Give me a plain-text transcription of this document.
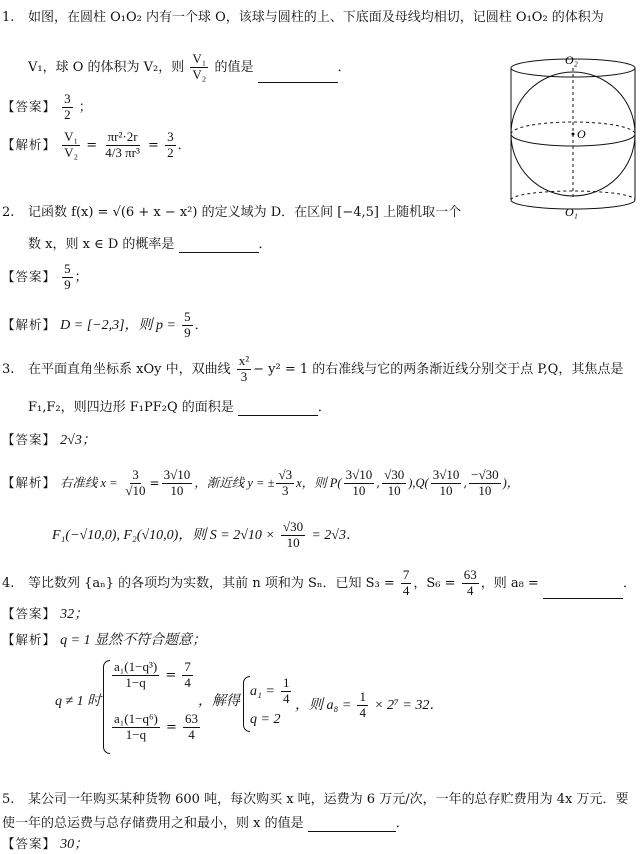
1. 如图，在圆柱 O₁O₂ 内有一个球 O，该球与圆柱的上、下底面及母线均相切，记圆柱 O₁O₂ 的体积为
V₁，球 O 的体积为 V₂，则 $\frac{\text{V₁}}{\text{V₂}}$ 的值是	．
【答案】 $\frac{3}{2}$ ；
【解析】 $\frac{\text{V₁}}{\text{V₂}} = \frac{\text{πr²·2r}}{\text{4/3 πr³}} = \frac{3}{2}$ ．
O₂
O
O₁
2. 记函数 f(x) = √(6 + x − x²) 的定义域为 D．在区间 [−4,5] 上随机取一个
数 x，则 x ∈ D 的概率是	．
【答案】 $\frac{5}{9}$ ；
【解析】 D = [−2,3]，则 $p = \frac{5}{9}$ ．
3. 在平面直角坐标系 xOy 中，双曲线 $\frac{\text{x²}}{3} - y^2 = 1$ 的右准线与它的两条渐近线分别交于点 P,Q，其焦点是
F₁,F₂，则四边形 F₁PF₂Q 的面积是	．
【答案】 2√3；
【解析】 右准线 $x = \frac{3}{√10} = \frac{3√10}{10}$ ，渐近线 y = ± $\frac{√3}{3}$ x，则 $P( \frac{3√10}{10}$ , $\frac{√30}{10} ),Q( \frac{3√10}{10}$ , $\frac{-√30}{10}$ )，
F₁(−√10,0), F₂(√10,0)，则 $S = 2√10 \times \frac{√30}{10} = 2√3$．
4. 等比数列 {aₙ} 的各项均为实数，其前 n 项和为 Sₙ．已知 $S_3 = \frac{7}{4}$ ，$S_6 = \frac{63}{4}$ ，则 a₈ =	．
【答案】 32；
【解析】 q = 1 显然不符合题意；
q ≠ 1 时
$\frac{\text{a₁(1−q³)}}{1-q} = \frac{7}{4}$
$\frac{\text{a₁(1−q⁶)}}{1-q} = \frac{63}{4}$
，解得
$a_1 = \frac{1}{4}$
q = 2
，则 $a_8 = \frac{1}{4} \times 2^7 = 32$．
5. 某公司一年购买某种货物 600 吨，每次购买 x 吨，运费为 6 万元/次，一年的总存贮费用为 4x 万元．要
使一年的总运费与总存储费用之和最小，则 x 的值是	．
【答案】 30；
